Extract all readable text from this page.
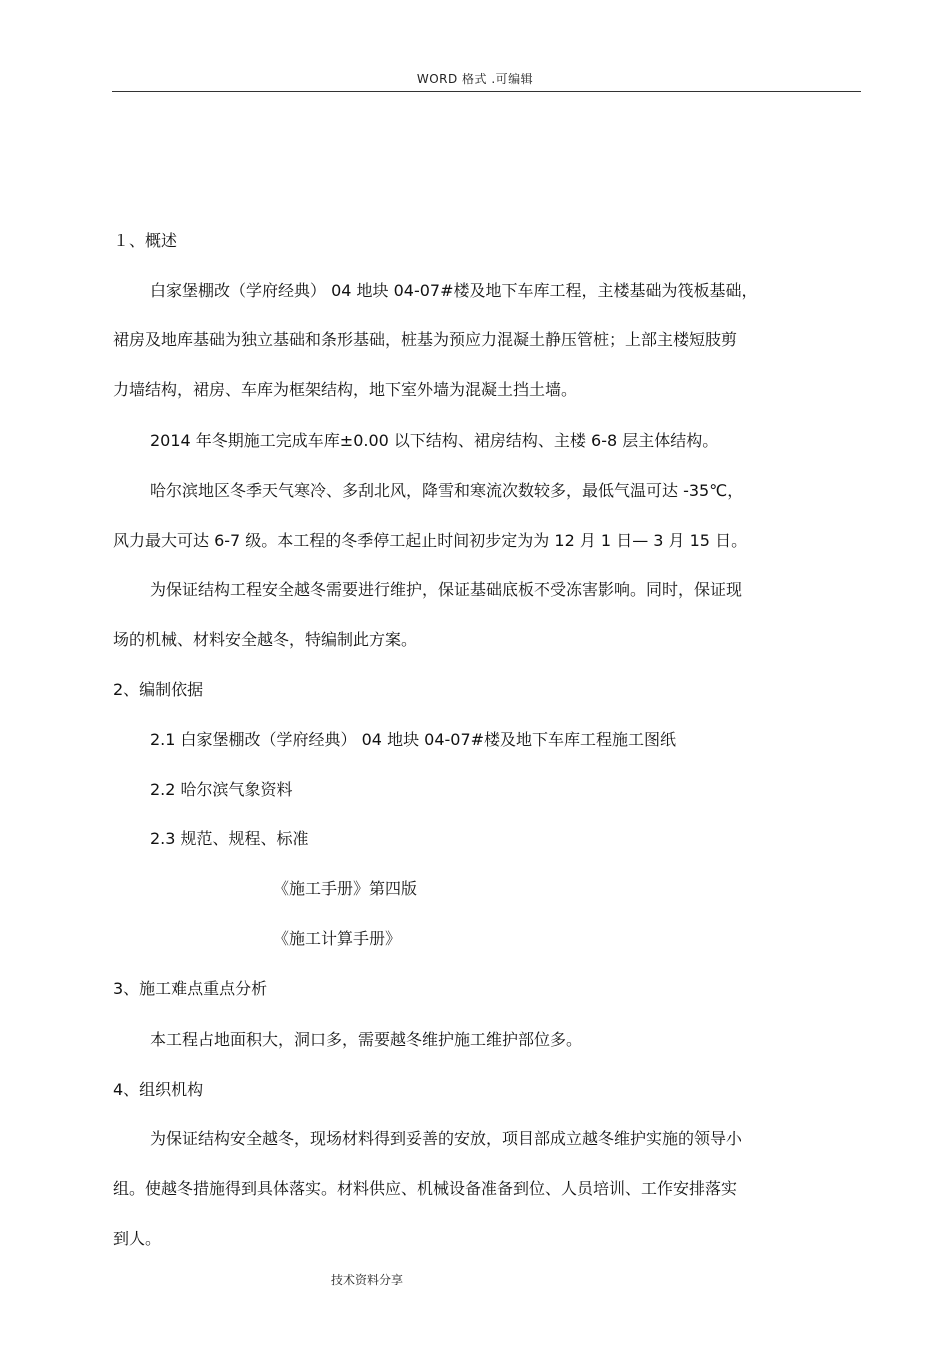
WORD 格式 .可编辑
１、概述
白家堡棚改（学府经典） 04 地块 04-07#楼及地下车库工程，主楼基础为筏板基础，
裙房及地库基础为独立基础和条形基础，桩基为预应力混凝土静压管桩；上部主楼短肢剪
力墙结构，裙房、车库为框架结构，地下室外墙为混凝土挡土墙。
2014 年冬期施工完成车库±0.00 以下结构、裙房结构、主楼 6-8 层主体结构。
哈尔滨地区冬季天气寒冷、多刮北风，降雪和寒流次数较多，最低气温可达 -35℃，
风力最大可达 6-7 级。本工程的冬季停工起止时间初步定为为 12 月 1 日— 3 月 15 日。
为保证结构工程安全越冬需要进行维护，保证基础底板不受冻害影响。同时，保证现
场的机械、材料安全越冬，特编制此方案。
2、编制依据
2.1 白家堡棚改（学府经典） 04 地块 04-07#楼及地下车库工程施工图纸
2.2 哈尔滨气象资料
2.3 规范、规程、标准
《施工手册》第四版
《施工计算手册》
3、施工难点重点分析
本工程占地面积大，洞口多，需要越冬维护施工维护部位多。
4、组织机构
为保证结构安全越冬，现场材料得到妥善的安放，项目部成立越冬维护实施的领导小
组。使越冬措施得到具体落实。材料供应、机械设备准备到位、人员培训、工作安排落实
到人。
技术资料分享
